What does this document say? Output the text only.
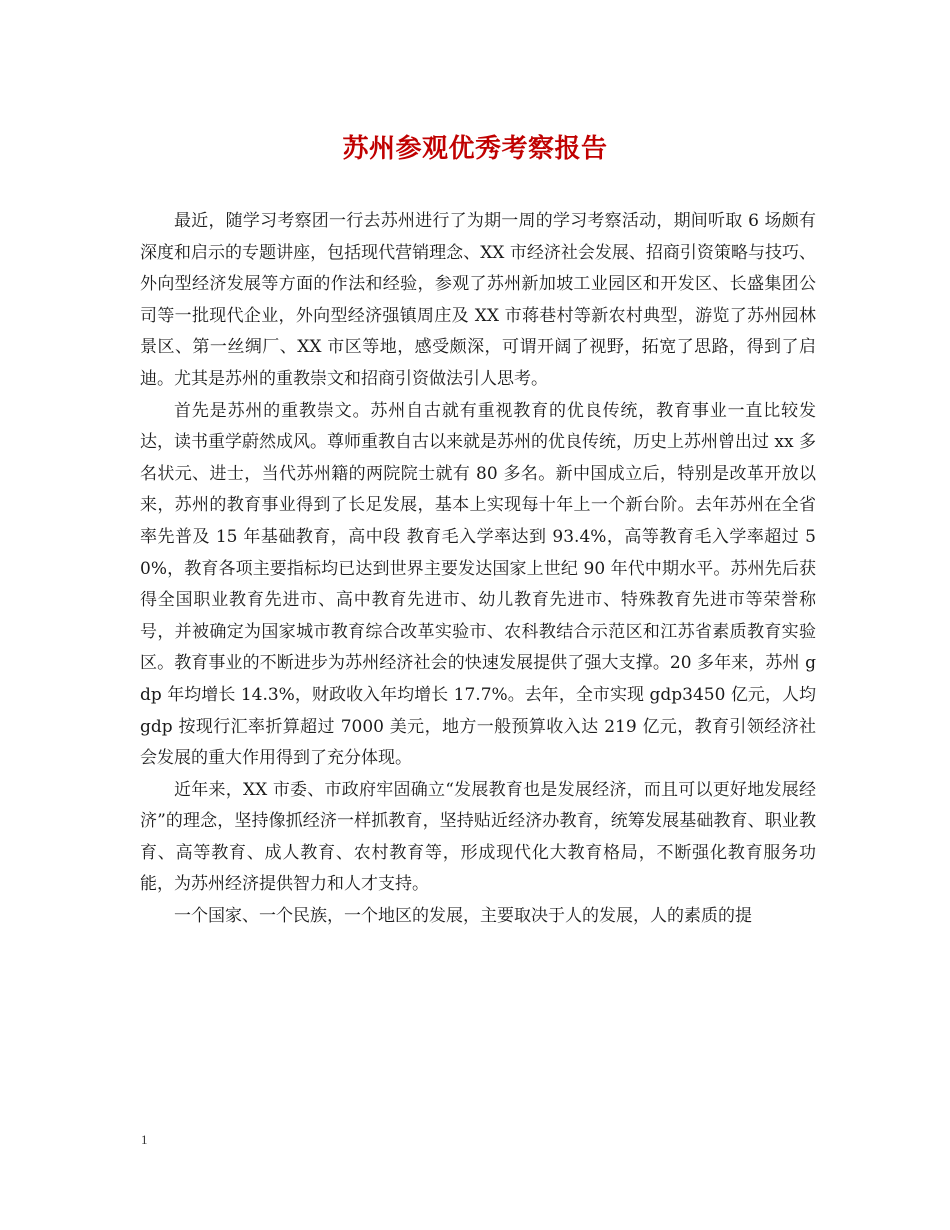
苏州参观优秀考察报告

最近，随学习考察团一行去苏州进行了为期一周的学习考察活动，期间听取 6 场颇有深度和启示的专题讲座，包括现代营销理念、XX 市经济社会发展、招商引资策略与技巧、外向型经济发展等方面的作法和经验，参观了苏州新加坡工业园区和开发区、长盛集团公司等一批现代企业，外向型经济强镇周庄及 XX 市蒋巷村等新农村典型，游览了苏州园林景区、第一丝绸厂、XX 市区等地，感受颇深，可谓开阔了视野，拓宽了思路，得到了启迪。尤其是苏州的重教崇文和招商引资做法引人思考。

首先是苏州的重教崇文。苏州自古就有重视教育的优良传统，教育事业一直比较发达，读书重学蔚然成风。尊师重教自古以来就是苏州的优良传统，历史上苏州曾出过 xx 多名状元、进士，当代苏州籍的两院院士就有 80 多名。新中国成立后，特别是改革开放以来，苏州的教育事业得到了长足发展，基本上实现每十年上一个新台阶。去年苏州在全省率先普及 15 年基础教育，高中段 教育毛入学率达到 93.4%，高等教育毛入学率超过 50%，教育各项主要指标均已达到世界主要发达国家上世纪 90 年代中期水平。苏州先后获得全国职业教育先进市、高中教育先进市、幼儿教育先进市、特殊教育先进市等荣誉称号，并被确定为国家城市教育综合改革实验市、农科教结合示范区和江苏省素质教育实验区。教育事业的不断进步为苏州经济社会的快速发展提供了强大支撑。20 多年来，苏州 gdp 年均增长 14.3%，财政收入年均增长 17.7%。去年，全市实现 gdp3450 亿元，人均 gdp 按现行汇率折算超过 7000 美元，地方一般预算收入达 219 亿元，教育引领经济社会发展的重大作用得到了充分体现。

近年来，XX 市委、市政府牢固确立“发展教育也是发展经济，而且可以更好地发展经济”的理念，坚持像抓经济一样抓教育，坚持贴近经济办教育，统筹发展基础教育、职业教育、高等教育、成人教育、农村教育等，形成现代化大教育格局，不断强化教育服务功能，为苏州经济提供智力和人才支持。

一个国家、一个民族，一个地区的发展，主要取决于人的发展，人的素质的提

1
